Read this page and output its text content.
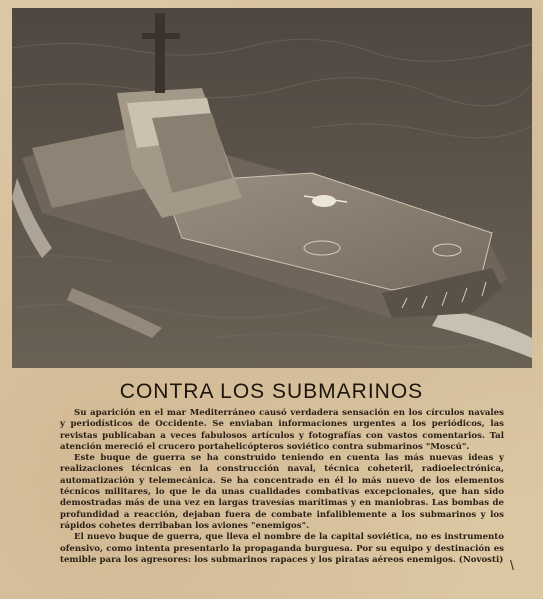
CONTRA LOS SUBMARINOS

Su aparición en el mar Mediterráneo causó verdadera sensación en los círculos navales y periodísticos de Occidente. Se enviaban informaciones urgentes a los periódicos, las revistas publicaban a veces fabulosos artículos y fotografías con vastos comentarios. Tal atención mereció el crucero portahelicópteros soviético contra submarinos "Moscú".

Este buque de guerra se ha construido teniendo en cuenta las más nuevas ideas y realizaciones técnicas en la construcción naval, técnica coheteril, radioelectrónica, automatización y telemecánica. Se ha concentrado en él lo más nuevo de los elementos técnicos militares, lo que le da unas cualidades combativas excepcionales, que han sido demostradas más de una vez en largas travesías marítimas y en maniobras. Las bombas de profundidad a reacción, dejaban fuera de combate infaliblemente a los submarinos y los rápidos cohetes derribaban los aviones "enemigos".

El nuevo buque de guerra, que lleva el nombre de la capital soviética, no es instrumento ofensivo, como intenta presentarlo la propaganda burguesa. Por su equipo y destinación es temible para los agresores: los submarinos rapaces y los piratas aéreos enemigos. (Novosti) \
